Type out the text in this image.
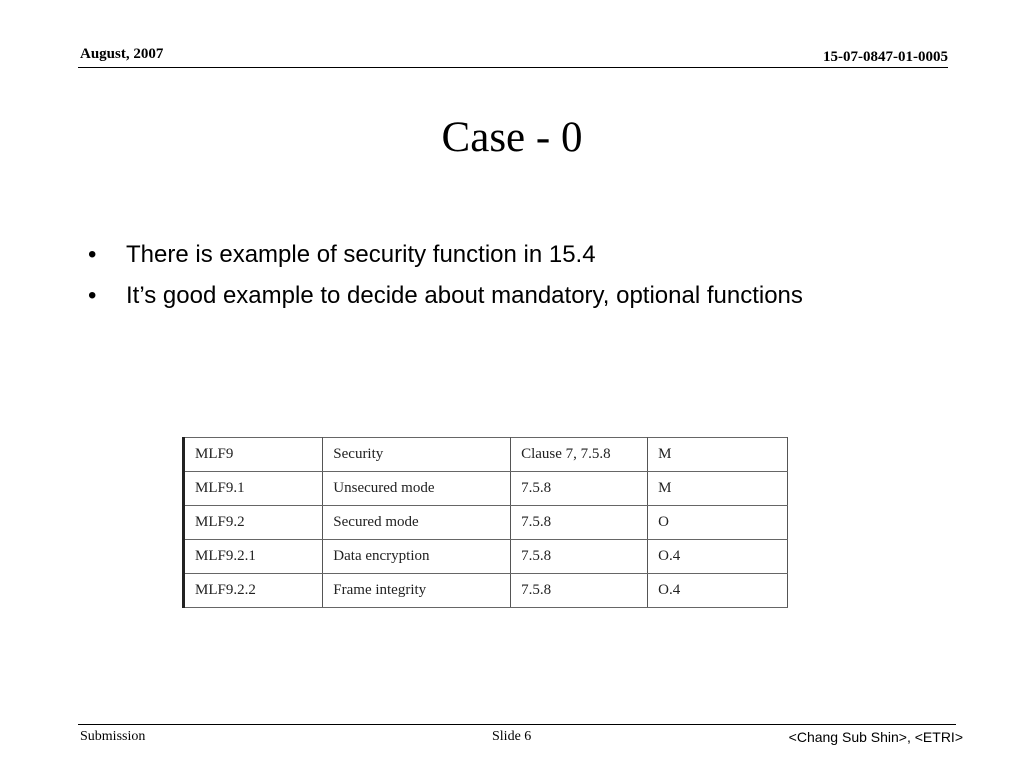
August, 2007	15-07-0847-01-0005
Case - 0
• There is example of security function in 15.4
• It’s good example to decide about mandatory, optional functions
MLF9	Security	Clause 7, 7.5.8	M
MLF9.1	Unsecured mode	7.5.8	M
MLF9.2	Secured mode	7.5.8	O
MLF9.2.1	Data encryption	7.5.8	O.4
MLF9.2.2	Frame integrity	7.5.8	O.4
Submission	Slide 6	<Chang Sub Shin>, <ETRI>
